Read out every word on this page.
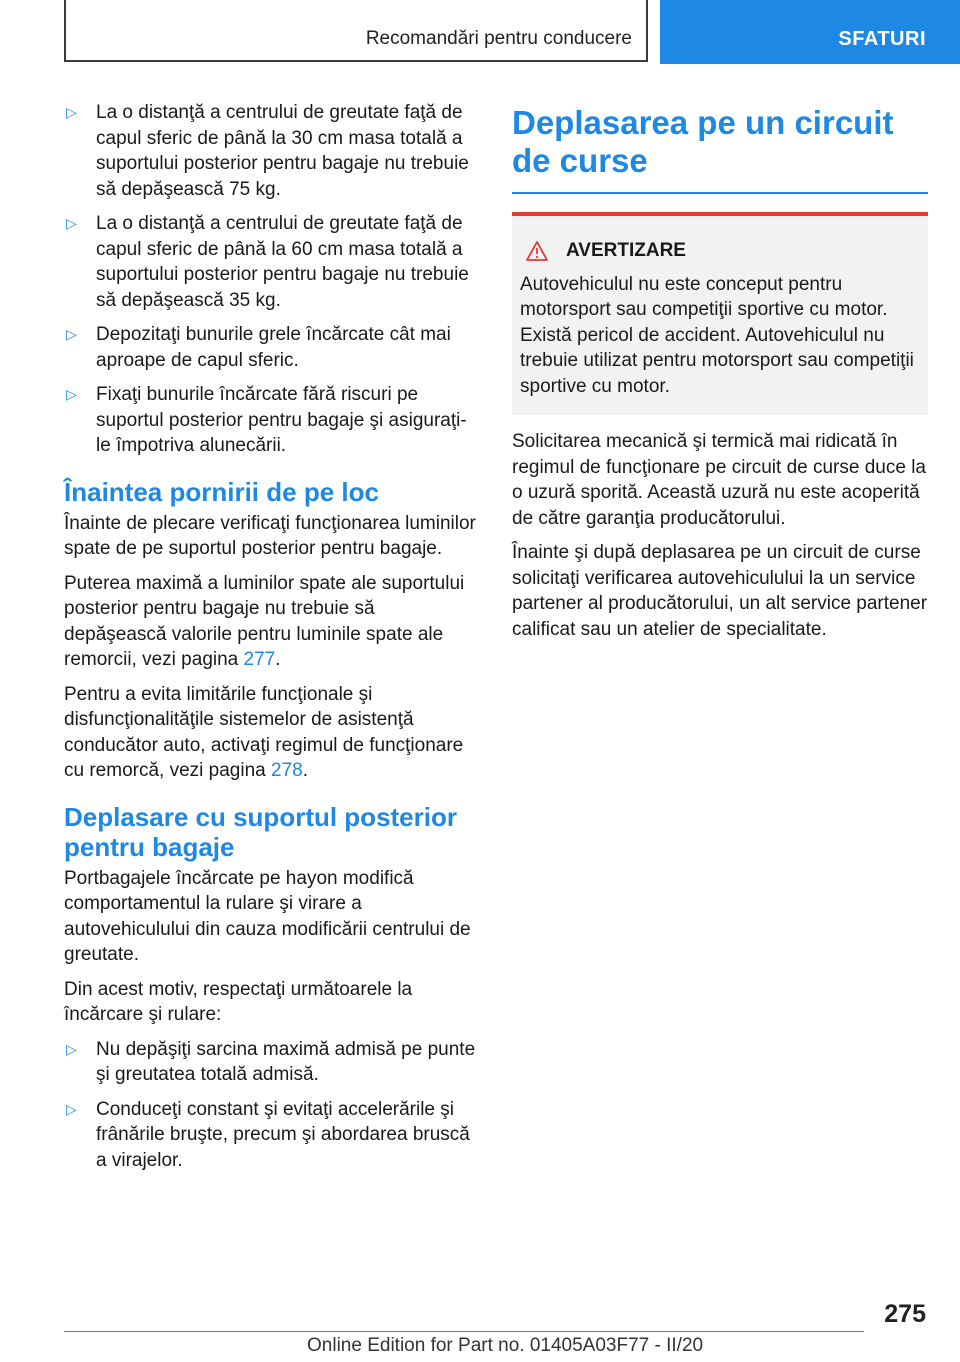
Recomandări pentru conducere	SFATURI
▷	La o distanţă a centrului de greutate faţă de capul sferic de până la 30 cm masa totală a suportului posterior pentru bagaje nu trebuie să depăşească 75 kg.
▷	La o distanţă a centrului de greutate faţă de capul sferic de până la 60 cm masa totală a suportului posterior pentru bagaje nu trebuie să depăşească 35 kg.
▷	Depozitaţi bunurile grele încărcate cât mai aproape de capul sferic.
▷	Fixaţi bunurile încărcate fără riscuri pe suportul posterior pentru bagaje şi asiguraţi-le împotriva alunecării.
Înaintea pornirii de pe loc

Înainte de plecare verificaţi funcţionarea luminilor spate de pe suportul posterior pentru bagaje.

Puterea maximă a luminilor spate ale suportului posterior pentru bagaje nu trebuie să depăşească valorile pentru luminile spate ale remorcii, vezi pagina 277.

Pentru a evita limitările funcţionale şi disfuncţionalităţile sistemelor de asistenţă conducător auto, activaţi regimul de funcţionare cu remorcă, vezi pagina 278.

Deplasare cu suportul posterior pentru bagaje

Portbagajele încărcate pe hayon modifică comportamentul la rulare şi virare a autovehiculului din cauza modificării centrului de greutate.

Din acest motiv, respectaţi următoarele la încărcare şi rulare:

▷	Nu depăşiţi sarcina maximă admisă pe punte şi greutatea totală admisă.
▷	Conduceţi constant şi evitaţi accelerările şi frânările bruşte, precum şi abordarea bruscă a virajelor.
Deplasarea pe un circuit de curse
AVERTIZARE
Autovehiculul nu este conceput pentru motorsport sau competiţii sportive cu motor. Există pericol de accident. Autovehiculul nu trebuie utilizat pentru motorsport sau competiţii sportive cu motor.

Solicitarea mecanică şi termică mai ridicată în regimul de funcţionare pe circuit de curse duce la o uzură sporită. Această uzură nu este acoperită de către garanţia producătorului.

Înainte şi după deplasarea pe un circuit de curse solicitaţi verificarea autovehiculului la un service partener al producătorului, un alt service partener calificat sau un atelier de specialitate.

275
Online Edition for Part no. 01405A03F77 - II/20
